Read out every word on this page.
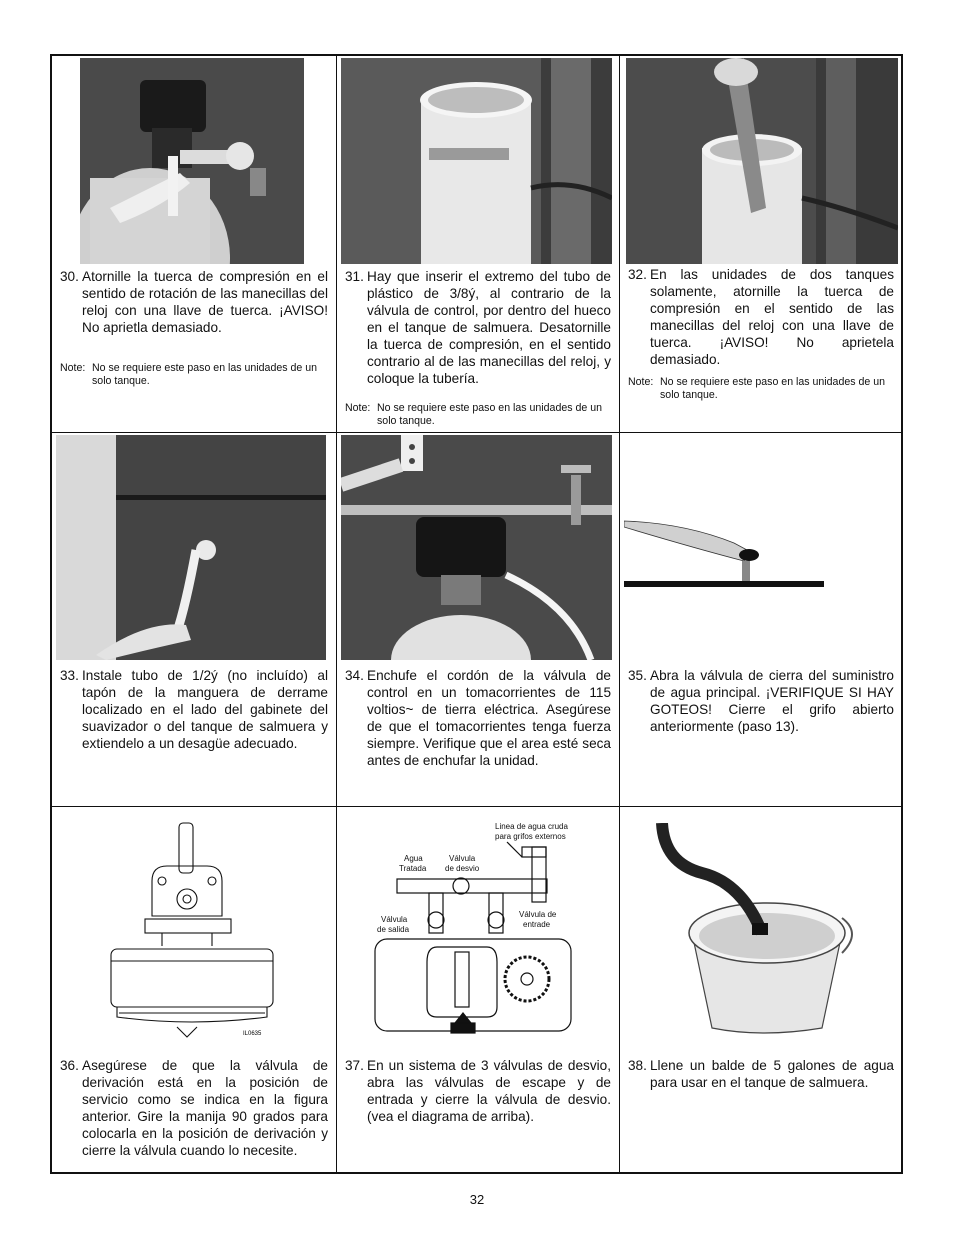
30. Atornille la tuerca de compresión en el sentido de rotación de las manecillas del reloj con una llave de tuerca. ¡AVISO! No aprietla demasiado.
Note: No se requiere este paso en las unidades de un solo tanque.
31. Hay que inserir el extremo del tubo de plástico de 3/8ý, al contrario de la válvula de control, por dentro del hueco en el tanque de salmuera. Desatornille la tuerca de compresión, en el sentido contrario al de las manecillas del reloj, y coloque la tubería.
Note: No se requiere este paso en las unidades de un solo tanque.
32. En las unidades de dos tanques solamente, atornille la tuerca de compresión en el sentido de las manecillas del reloj con una llave de tuerca. ¡AVISO! No aprietela demasiado.
Note: No se requiere este paso en las unidades de un solo tanque.
33. Instale tubo de 1/2ý (no incluído) al tapón de la manguera de derrame localizado en el lado del gabinete del suavizador o del tanque de salmuera y extiendelo a un desagüe adecuado.
34. Enchufe el cordón de la válvula de control en un tomacorrientes de 115 voltios~ de tierra eléctrica. Asegúrese de que el tomacorrientes tenga fuerza siempre. Verifique que el area esté seca antes de enchufar la unidad.
35. Abra la válvula de cierra del suministro de agua principal. ¡VERIFIQUE SI HAY GOTEOS! Cierre el grifo abierto anteriormente (paso 13).
IL0635
36. Asegúrese de que la válvula de derivación está en la posición de servicio como se indica en la figura anterior. Gire la manija 90 grados para colocarla en la posición de derivación y cierre la válvula cuando lo necesite.
Linea de agua cruda
para grifos externos
Agua
Tratada
Válvula
de desvio
Válvula
de salida
Válvula de
entrade
37. En un sistema de 3 válvulas de desvio, abra las válvulas de escape y de entrada y cierre la válvula de desvio. (vea el diagrama de arriba).
38. Llene un balde de 5 galones de agua para usar en el tanque de salmuera.
32
